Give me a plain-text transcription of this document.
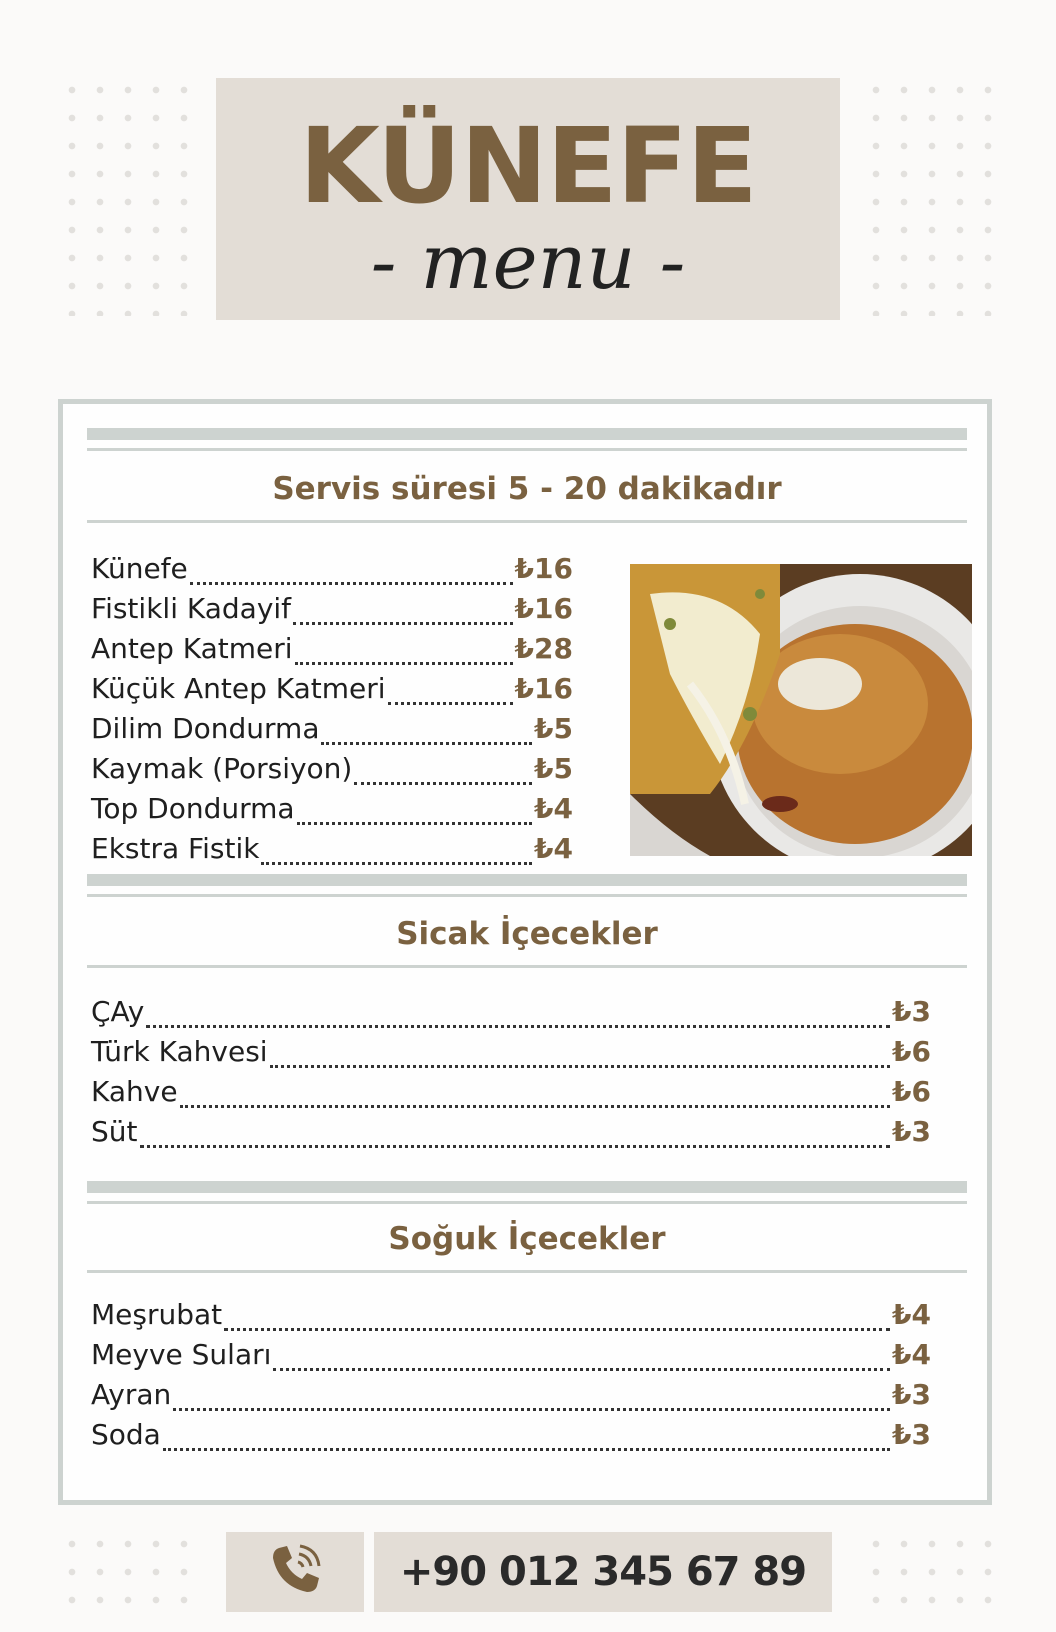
KÜNEFE
- menu -
Servis süresi 5 - 20 dakikadır
Künefe	₺16
Fistikli Kadayif	₺16
Antep Katmeri	₺28
Küçük Antep Katmeri	₺16
Dilim Dondurma	₺5
Kaymak (Porsiyon)	₺5
Top Dondurma	₺4
Ekstra Fistik	₺4
Sicak İçecekler
ÇAy	₺3
Türk Kahvesi	₺6
Kahve	₺6
Süt	₺3
Soğuk İçecekler
Meşrubat	₺4
Meyve Suları	₺4
Ayran	₺3
Soda	₺3
+90 012 345 67 89
